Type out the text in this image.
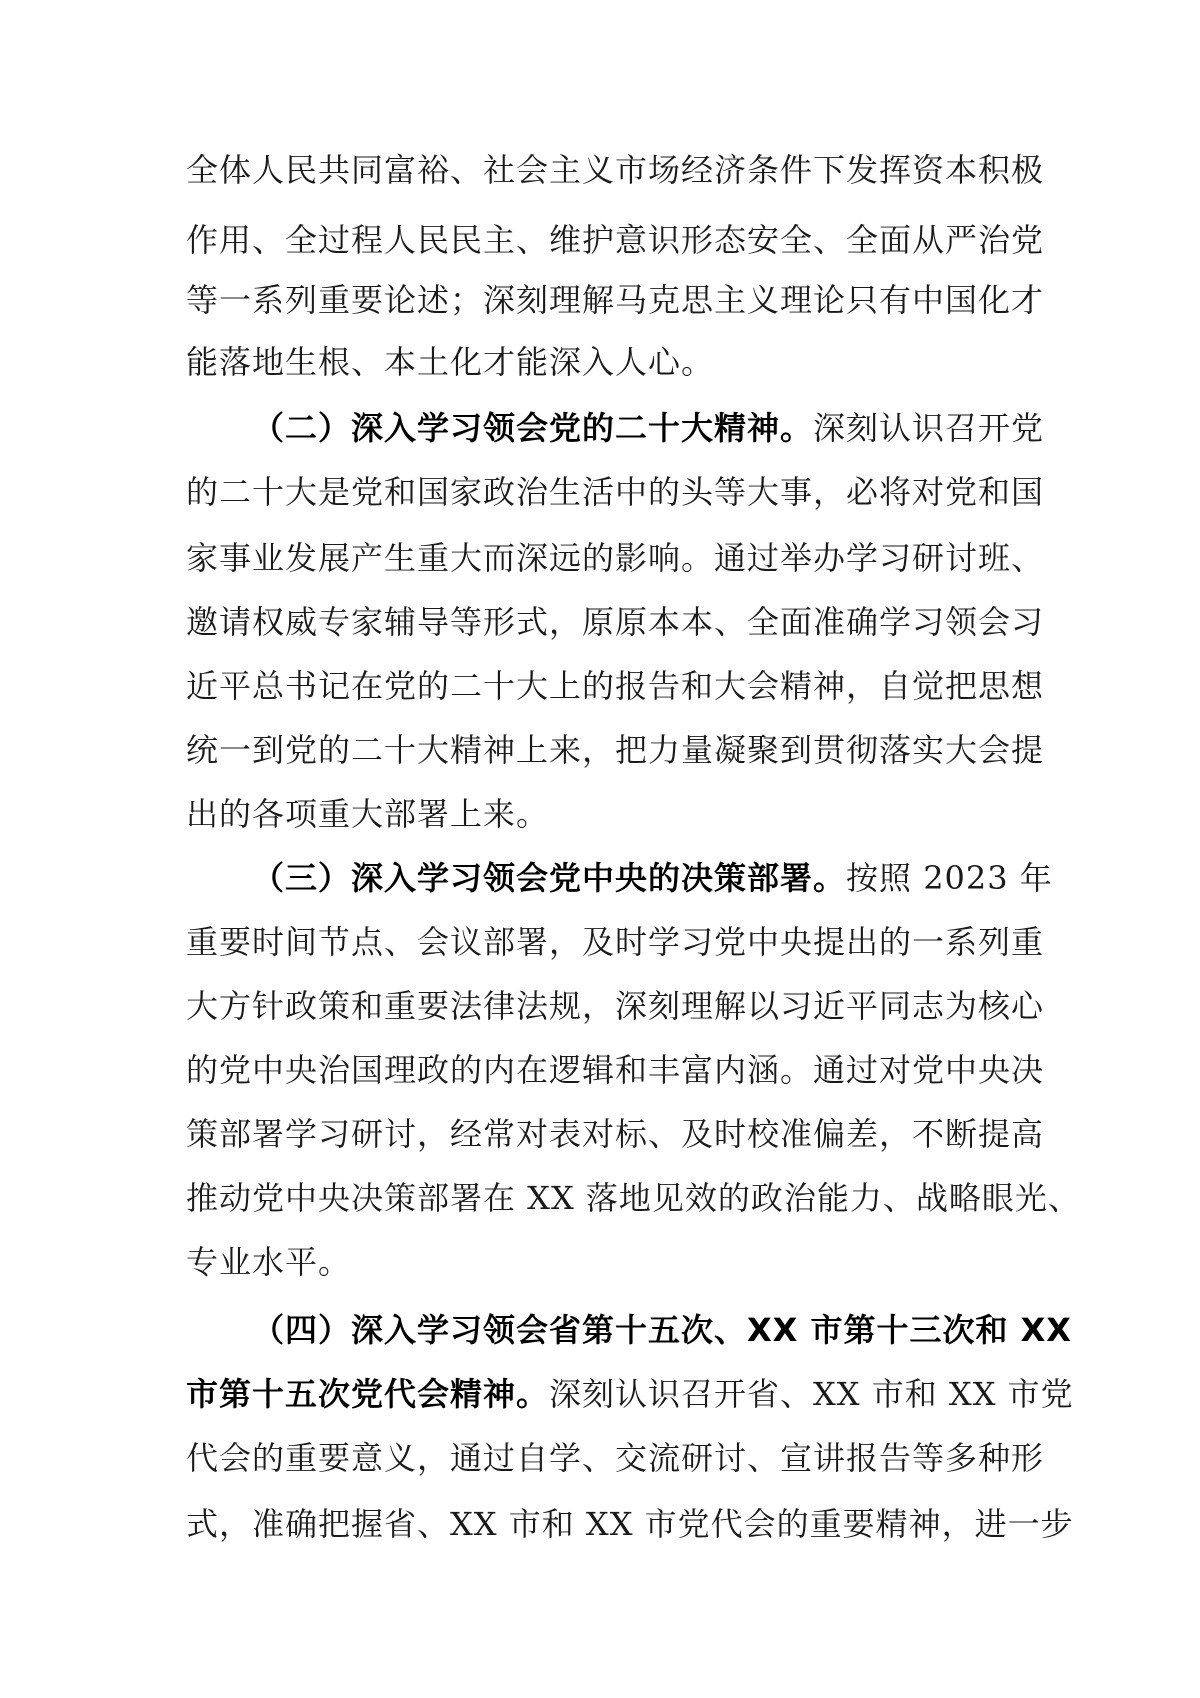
全体人民共同富裕、社会主义市场经济条件下发挥资本积极
作用、全过程人民民主、维护意识形态安全、全面从严治党
等一系列重要论述；深刻理解马克思主义理论只有中国化才
能落地生根、本土化才能深入人心。
（二）深入学习领会党的二十大精神。深刻认识召开党
的二十大是党和国家政治生活中的头等大事，必将对党和国
家事业发展产生重大而深远的影响。通过举办学习研讨班、
邀请权威专家辅导等形式，原原本本、全面准确学习领会习
近平总书记在党的二十大上的报告和大会精神，自觉把思想
统一到党的二十大精神上来，把力量凝聚到贯彻落实大会提
出的各项重大部署上来。
（三）深入学习领会党中央的决策部署。按照 2023 年
重要时间节点、会议部署，及时学习党中央提出的一系列重
大方针政策和重要法律法规，深刻理解以习近平同志为核心
的党中央治国理政的内在逻辑和丰富内涵。通过对党中央决
策部署学习研讨，经常对表对标、及时校准偏差，不断提高
推动党中央决策部署在 XX 落地见效的政治能力、战略眼光、
专业水平。
（四）深入学习领会省第十五次、XX 市第十三次和 XX
市第十五次党代会精神。深刻认识召开省、XX 市和 XX 市党
代会的重要意义，通过自学、交流研讨、宣讲报告等多种形
式，准确把握省、XX 市和 XX 市党代会的重要精神，进一步
